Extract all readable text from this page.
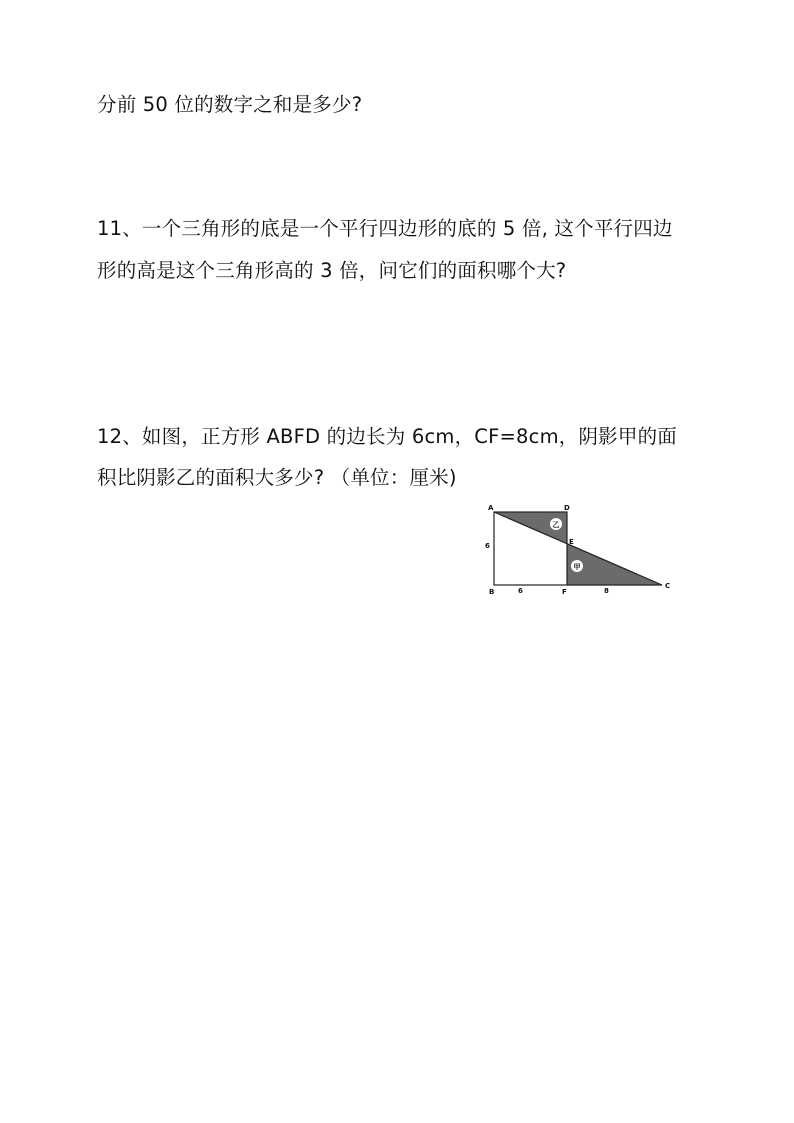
分前 50 位的数字之和是多少?
11、一个三角形的底是一个平行四边形的底的 5 倍, 这个平行四边
形的高是这个三角形高的 3 倍，问它们的面积哪个大?
12、如图，正方形 ABFD 的边长为 6cm，CF=8cm，阴影甲的面
积比阴影乙的面积大多少? （单位：厘米)
乙
甲
A	D
E
B	F
C
6
6	8
